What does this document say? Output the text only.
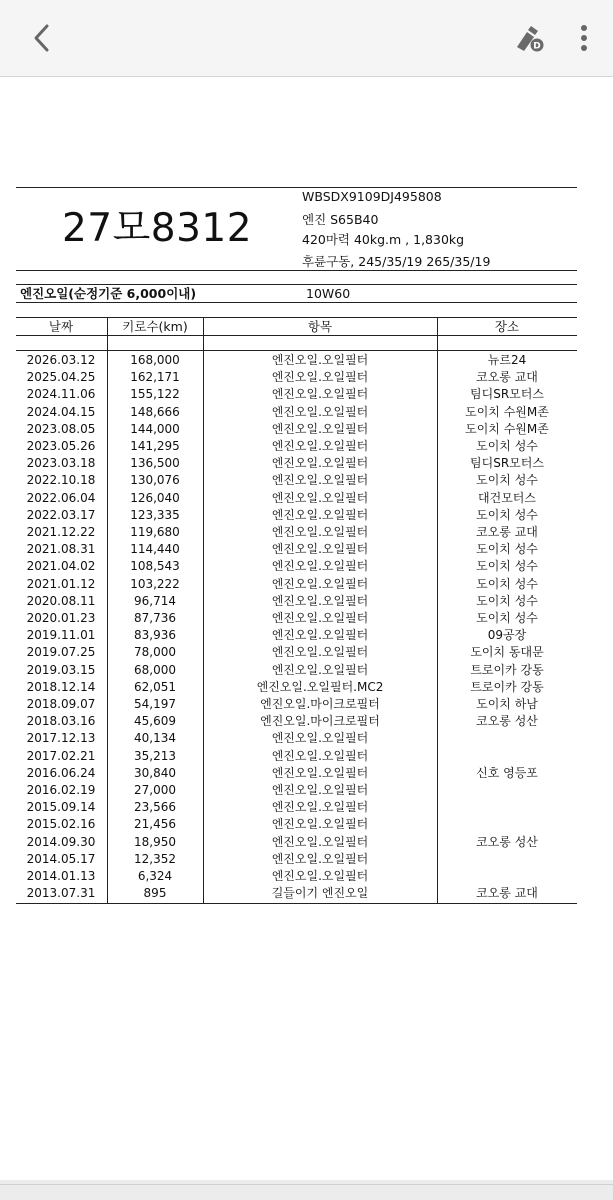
D
27모8312
WBSDX9109DJ495808
엔진 S65B40
420마력 40kg.m , 1,830kg
후륜구동, 245/35/19 265/35/19
엔진오일(순정기준 6,000이내)	10W60
날짜	키로수(km)	항목	장소
2026.03.12	168,000	엔진오일.오일필터	뉴르24
2025.04.25	162,171	엔진오일.오일필터	코오롱 교대
2024.11.06	155,122	엔진오일.오일필터	팀디SR모터스
2024.04.15	148,666	엔진오일.오일필터	도이치 수원M존
2023.08.05	144,000	엔진오일.오일필터	도이치 수원M존
2023.05.26	141,295	엔진오일.오일필터	도이치 성수
2023.03.18	136,500	엔진오일.오일필터	팀디SR모터스
2022.10.18	130,076	엔진오일.오일필터	도이치 성수
2022.06.04	126,040	엔진오일.오일필터	대건모터스
2022.03.17	123,335	엔진오일.오일필터	도이치 성수
2021.12.22	119,680	엔진오일.오일필터	코오롱 교대
2021.08.31	114,440	엔진오일.오일필터	도이치 성수
2021.04.02	108,543	엔진오일.오일필터	도이치 성수
2021.01.12	103,222	엔진오일.오일필터	도이치 성수
2020.08.11	96,714	엔진오일.오일필터	도이치 성수
2020.01.23	87,736	엔진오일.오일필터	도이치 성수
2019.11.01	83,936	엔진오일.오일필터	09공장
2019.07.25	78,000	엔진오일.오일필터	도이치 동대문
2019.03.15	68,000	엔진오일.오일필터	트로이카 강동
2018.12.14	62,051	엔진오일.오일필터.MC2	트로이카 강동
2018.09.07	54,197	엔진오일.마이크로필터	도이치 하남
2018.03.16	45,609	엔진오일.마이크로필터	코오롱 성산
2017.12.13	40,134	엔진오일.오일필터
2017.02.21	35,213	엔진오일.오일필터
2016.06.24	30,840	엔진오일.오일필터	신호 영등포
2016.02.19	27,000	엔진오일.오일필터
2015.09.14	23,566	엔진오일.오일필터
2015.02.16	21,456	엔진오일.오일필터
2014.09.30	18,950	엔진오일.오일필터	코오롱 성산
2014.05.17	12,352	엔진오일.오일필터
2014.01.13	6,324	엔진오일.오일필터
2013.07.31	895	길들이기 엔진오일	코오롱 교대
